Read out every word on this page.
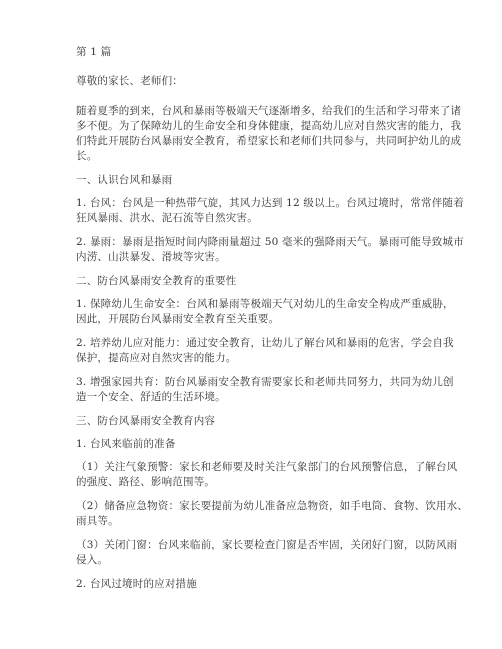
第 1 篇
尊敬的家长、老师们：
随着夏季的到来，台风和暴雨等极端天气逐渐增多，给我们的生活和学习带来了诸
多不便。为了保障幼儿的生命安全和身体健康，提高幼儿应对自然灾害的能力，我
们特此开展防台风暴雨安全教育，希望家长和老师们共同参与，共同呵护幼儿的成
长。
一、认识台风和暴雨
1. 台风：台风是一种热带气旋，其风力达到 12 级以上。台风过境时，常常伴随着
狂风暴雨、洪水、泥石流等自然灾害。
2. 暴雨：暴雨是指短时间内降雨量超过 50 毫米的强降雨天气。暴雨可能导致城市
内涝、山洪暴发、滑坡等灾害。
二、防台风暴雨安全教育的重要性
1. 保障幼儿生命安全：台风和暴雨等极端天气对幼儿的生命安全构成严重威胁，
因此，开展防台风暴雨安全教育至关重要。
2. 培养幼儿应对能力：通过安全教育，让幼儿了解台风和暴雨的危害，学会自我
保护，提高应对自然灾害的能力。
3. 增强家园共育：防台风暴雨安全教育需要家长和老师共同努力，共同为幼儿创
造一个安全、舒适的生活环境。
三、防台风暴雨安全教育内容
1. 台风来临前的准备
（1）关注气象预警：家长和老师要及时关注气象部门的台风预警信息，了解台风
的强度、路径、影响范围等。
（2）储备应急物资：家长要提前为幼儿准备应急物资，如手电筒、食物、饮用水、
雨具等。
（3）关闭门窗：台风来临前，家长要检查门窗是否牢固，关闭好门窗，以防风雨
侵入。
2. 台风过境时的应对措施
